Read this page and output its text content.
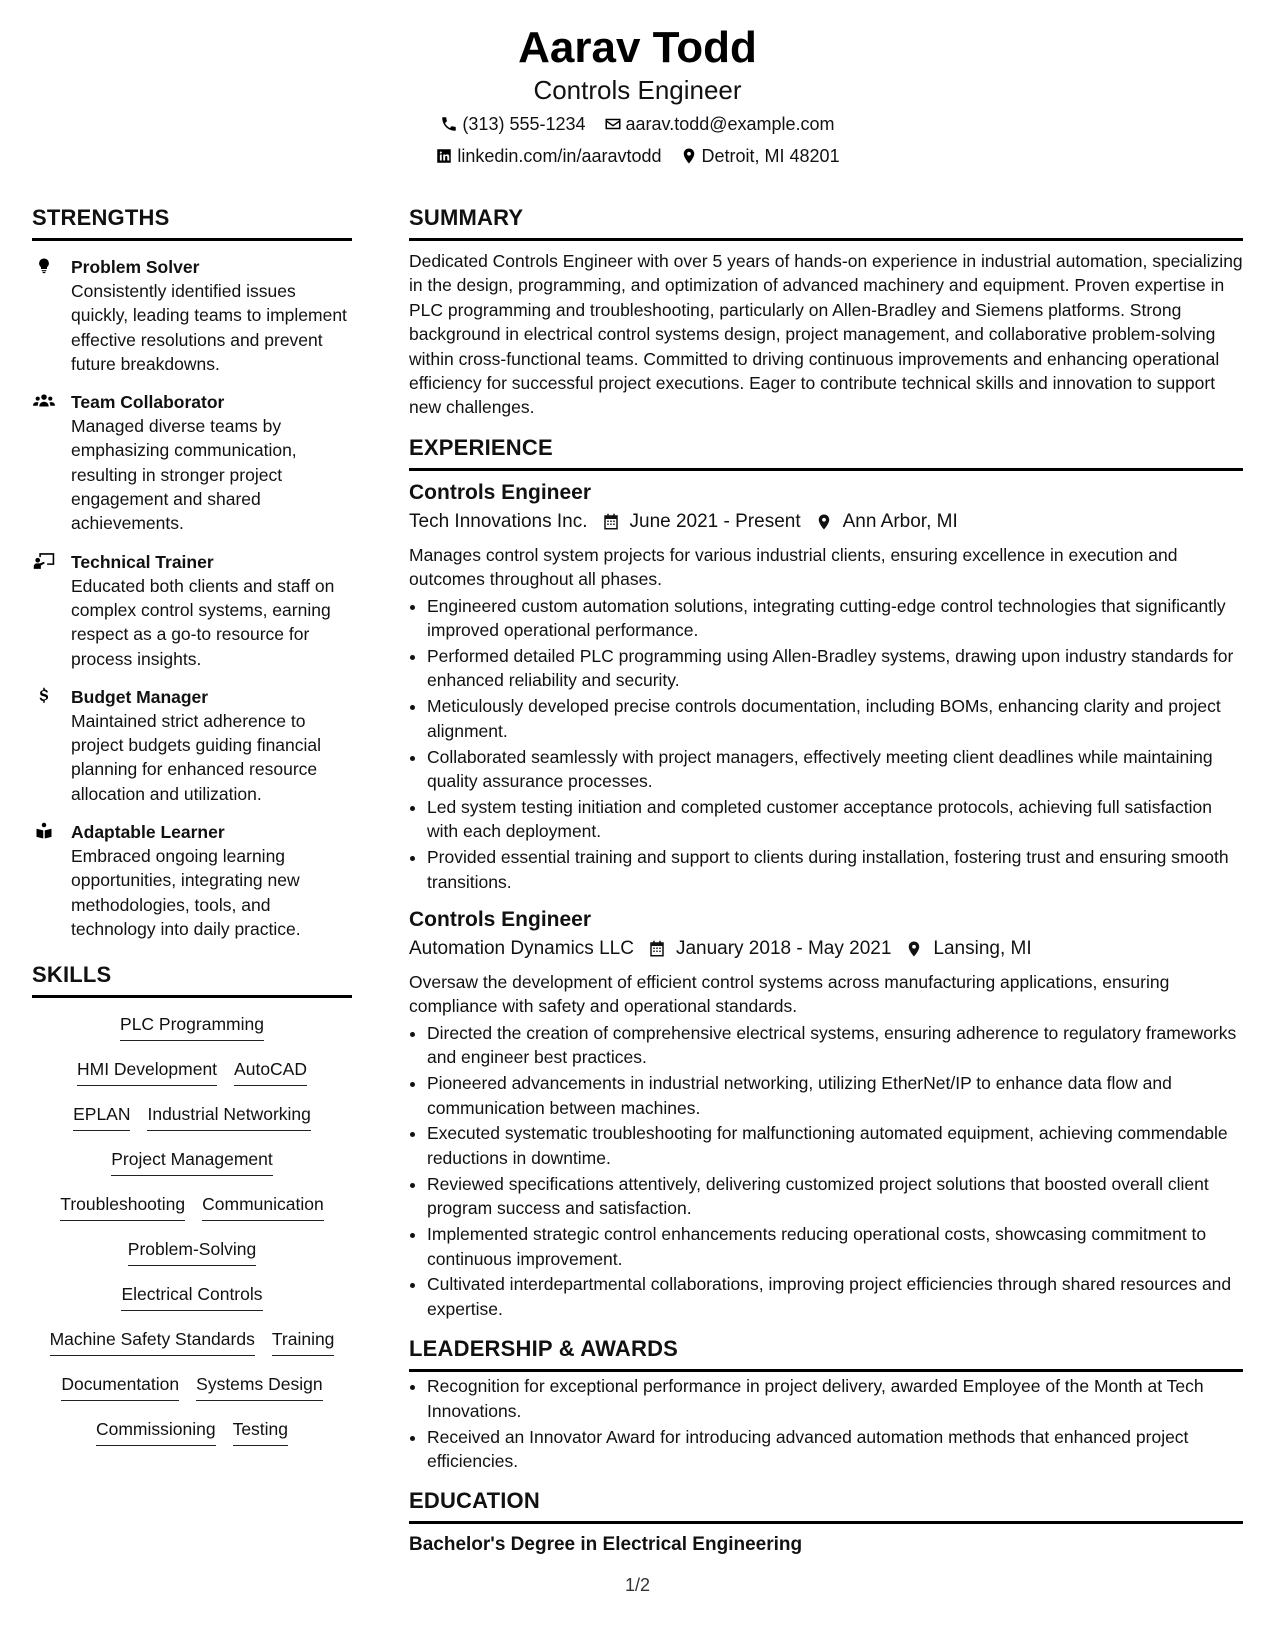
Aarav Todd
Controls Engineer
(313) 555-1234 aarav.todd@example.com
linkedin.com/in/aaravtodd Detroit, MI 48201
STRENGTHS
Problem Solver
Consistently identified issues quickly, leading teams to implement effective resolutions and prevent future breakdowns.
Team Collaborator
Managed diverse teams by emphasizing communication, resulting in stronger project engagement and shared achievements.
Technical Trainer
Educated both clients and staff on complex control systems, earning respect as a go-to resource for process insights.
Budget Manager
Maintained strict adherence to project budgets guiding financial planning for enhanced resource allocation and utilization.
Adaptable Learner
Embraced ongoing learning opportunities, integrating new methodologies, tools, and technology into daily practice.
SKILLS
PLC Programming
HMI Development AutoCAD
EPLAN Industrial Networking
Project Management
Troubleshooting Communication
Problem-Solving
Electrical Controls
Machine Safety Standards Training
Documentation Systems Design
Commissioning Testing
SUMMARY
Dedicated Controls Engineer with over 5 years of hands-on experience in industrial automation, specializing in the design, programming, and optimization of advanced machinery and equipment. Proven expertise in PLC programming and troubleshooting, particularly on Allen-Bradley and Siemens platforms. Strong background in electrical control systems design, project management, and collaborative problem-solving within cross-functional teams. Committed to driving continuous improvements and enhancing operational efficiency for successful project executions. Eager to contribute technical skills and innovation to support new challenges.
EXPERIENCE
Controls Engineer
Tech Innovations Inc. June 2021 - Present Ann Arbor, MI
Manages control system projects for various industrial clients, ensuring excellence in execution and outcomes throughout all phases.
• Engineered custom automation solutions, integrating cutting-edge control technologies that significantly improved operational performance.
• Performed detailed PLC programming using Allen-Bradley systems, drawing upon industry standards for enhanced reliability and security.
• Meticulously developed precise controls documentation, including BOMs, enhancing clarity and project alignment.
• Collaborated seamlessly with project managers, effectively meeting client deadlines while maintaining quality assurance processes.
• Led system testing initiation and completed customer acceptance protocols, achieving full satisfaction with each deployment.
• Provided essential training and support to clients during installation, fostering trust and ensuring smooth transitions.
Controls Engineer
Automation Dynamics LLC January 2018 - May 2021 Lansing, MI
Oversaw the development of efficient control systems across manufacturing applications, ensuring compliance with safety and operational standards.
• Directed the creation of comprehensive electrical systems, ensuring adherence to regulatory frameworks and engineer best practices.
• Pioneered advancements in industrial networking, utilizing EtherNet/IP to enhance data flow and communication between machines.
• Executed systematic troubleshooting for malfunctioning automated equipment, achieving commendable reductions in downtime.
• Reviewed specifications attentively, delivering customized project solutions that boosted overall client program success and satisfaction.
• Implemented strategic control enhancements reducing operational costs, showcasing commitment to continuous improvement.
• Cultivated interdepartmental collaborations, improving project efficiencies through shared resources and expertise.
LEADERSHIP & AWARDS
• Recognition for exceptional performance in project delivery, awarded Employee of the Month at Tech Innovations.
• Received an Innovator Award for introducing advanced automation methods that enhanced project efficiencies.
EDUCATION
Bachelor's Degree in Electrical Engineering
1/2
